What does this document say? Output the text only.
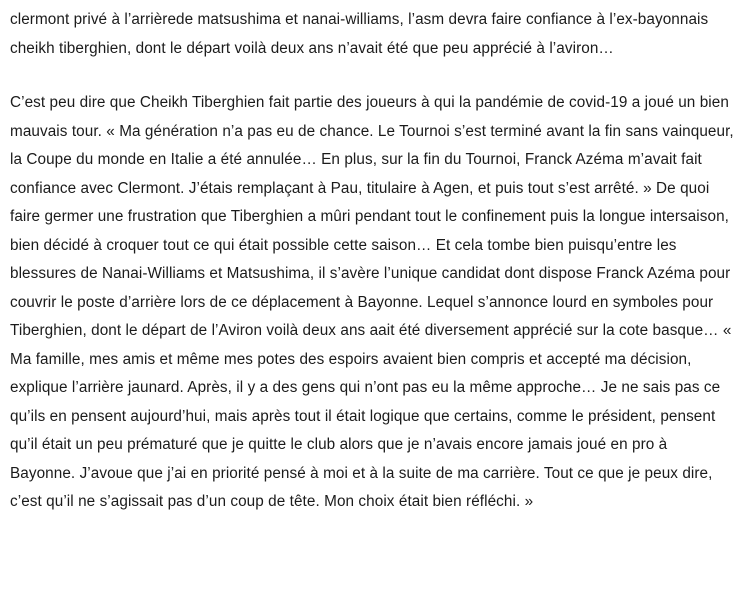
clermont privé à l’arrièrede matsushima et nanai-williams, l’asm devra faire confiance à l’ex-bayonnais cheikh tiberghien, dont le départ voilà deux ans n’avait été que peu apprécié à l’aviron…

C’est peu dire que Cheikh Tiberghien fait partie des joueurs à qui la pandémie de covid-19 a joué un bien mauvais tour. « Ma génération n’a pas eu de chance. Le Tournoi s’est terminé avant la fin sans vainqueur, la Coupe du monde en Italie a été annulée… En plus, sur la fin du Tournoi, Franck Azéma m’avait fait confiance avec Clermont. J’étais remplaçant à Pau, titulaire à Agen, et puis tout s’est arrêté. » De quoi faire germer une frustration que Tiberghien a mûri pendant tout le confinement puis la longue intersaison, bien décidé à croquer tout ce qui était possible cette saison… Et cela tombe bien puisqu’entre les blessures de Nanai-Williams et Matsushima, il s’avère l’unique candidat dont dispose Franck Azéma pour couvrir le poste d’arrière lors de ce déplacement à Bayonne. Lequel s’annonce lourd en symboles pour Tiberghien, dont le départ de l’Aviron voilà deux ans aait été diversement apprécié sur la cote basque… « Ma famille, mes amis et même mes potes des espoirs avaient bien compris et accepté ma décision, explique l’arrière jaunard. Après, il y a des gens qui n’ont pas eu la même approche… Je ne sais pas ce qu’ils en pensent aujourd’hui, mais après tout il était logique que certains, comme le président, pensent qu’il était un peu prématuré que je quitte le club alors que je n’avais encore jamais joué en pro à Bayonne. J’avoue que j’ai en priorité pensé à moi et à la suite de ma carrière. Tout ce que je peux dire, c’est qu’il ne s’agissait pas d’un coup de tête. Mon choix était bien réfléchi. »
